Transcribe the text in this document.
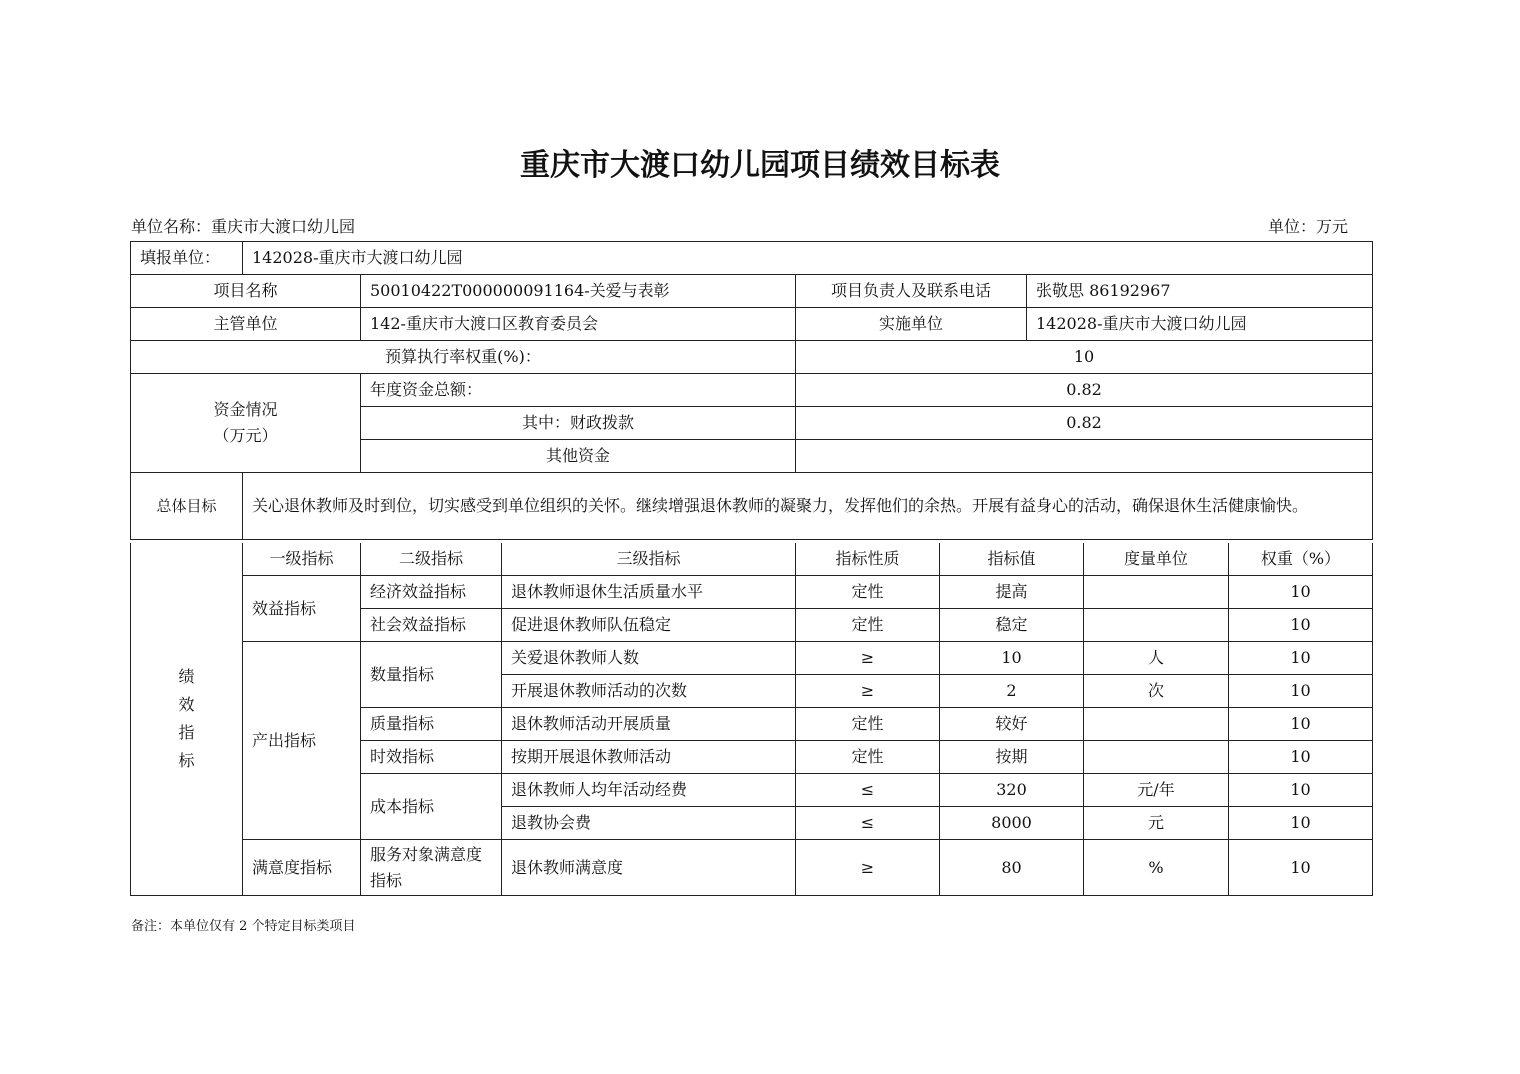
重庆市大渡口幼儿园项目绩效目标表
单位名称：重庆市大渡口幼儿园	单位：万元
填报单位：	142028-重庆市大渡口幼儿园			
项目名称		50010422T000000091164-关爱与表彰	项目负责人及联系电话	张敬思 86192967
主管单位		142-重庆市大渡口区教育委员会	实施单位	142028-重庆市大渡口幼儿园
预算执行率权重(%)：			10	

资金情况
（万元）		年度资金总额：	0.82	
		其中：财政拨款	0.82	
		其他资金		
总体目标	关心退休教师及时到位，切实感受到单位组织的关怀。继续增强退休教师的凝聚力，发挥他们的余热。开展有益身心的活动，确保退休生活健康愉快。			
绩
效
指
标	一级指标	二级指标	三级指标	指标性质	指标值	度量单位	权重（%）
	效益指标	经济效益指标	退休教师退休生活质量水平	定性	提高		10
		社会效益指标	促进退休教师队伍稳定	定性	稳定		10
	产出指标	数量指标	关爱退休教师人数	≥	10	人	10
			开展退休教师活动的次数	≥	2	次	10
		质量指标	退休教师活动开展质量	定性	较好		10
		时效指标	按期开展退休教师活动	定性	按期		10
		成本指标	退休教师人均年活动经费	≤	320	元/年	10
			退教协会费	≤	8000	元	10
	满意度指标	服务对象满意度指标	退休教师满意度	≥	80	%	10
备注：本单位仅有 2 个特定目标类项目
